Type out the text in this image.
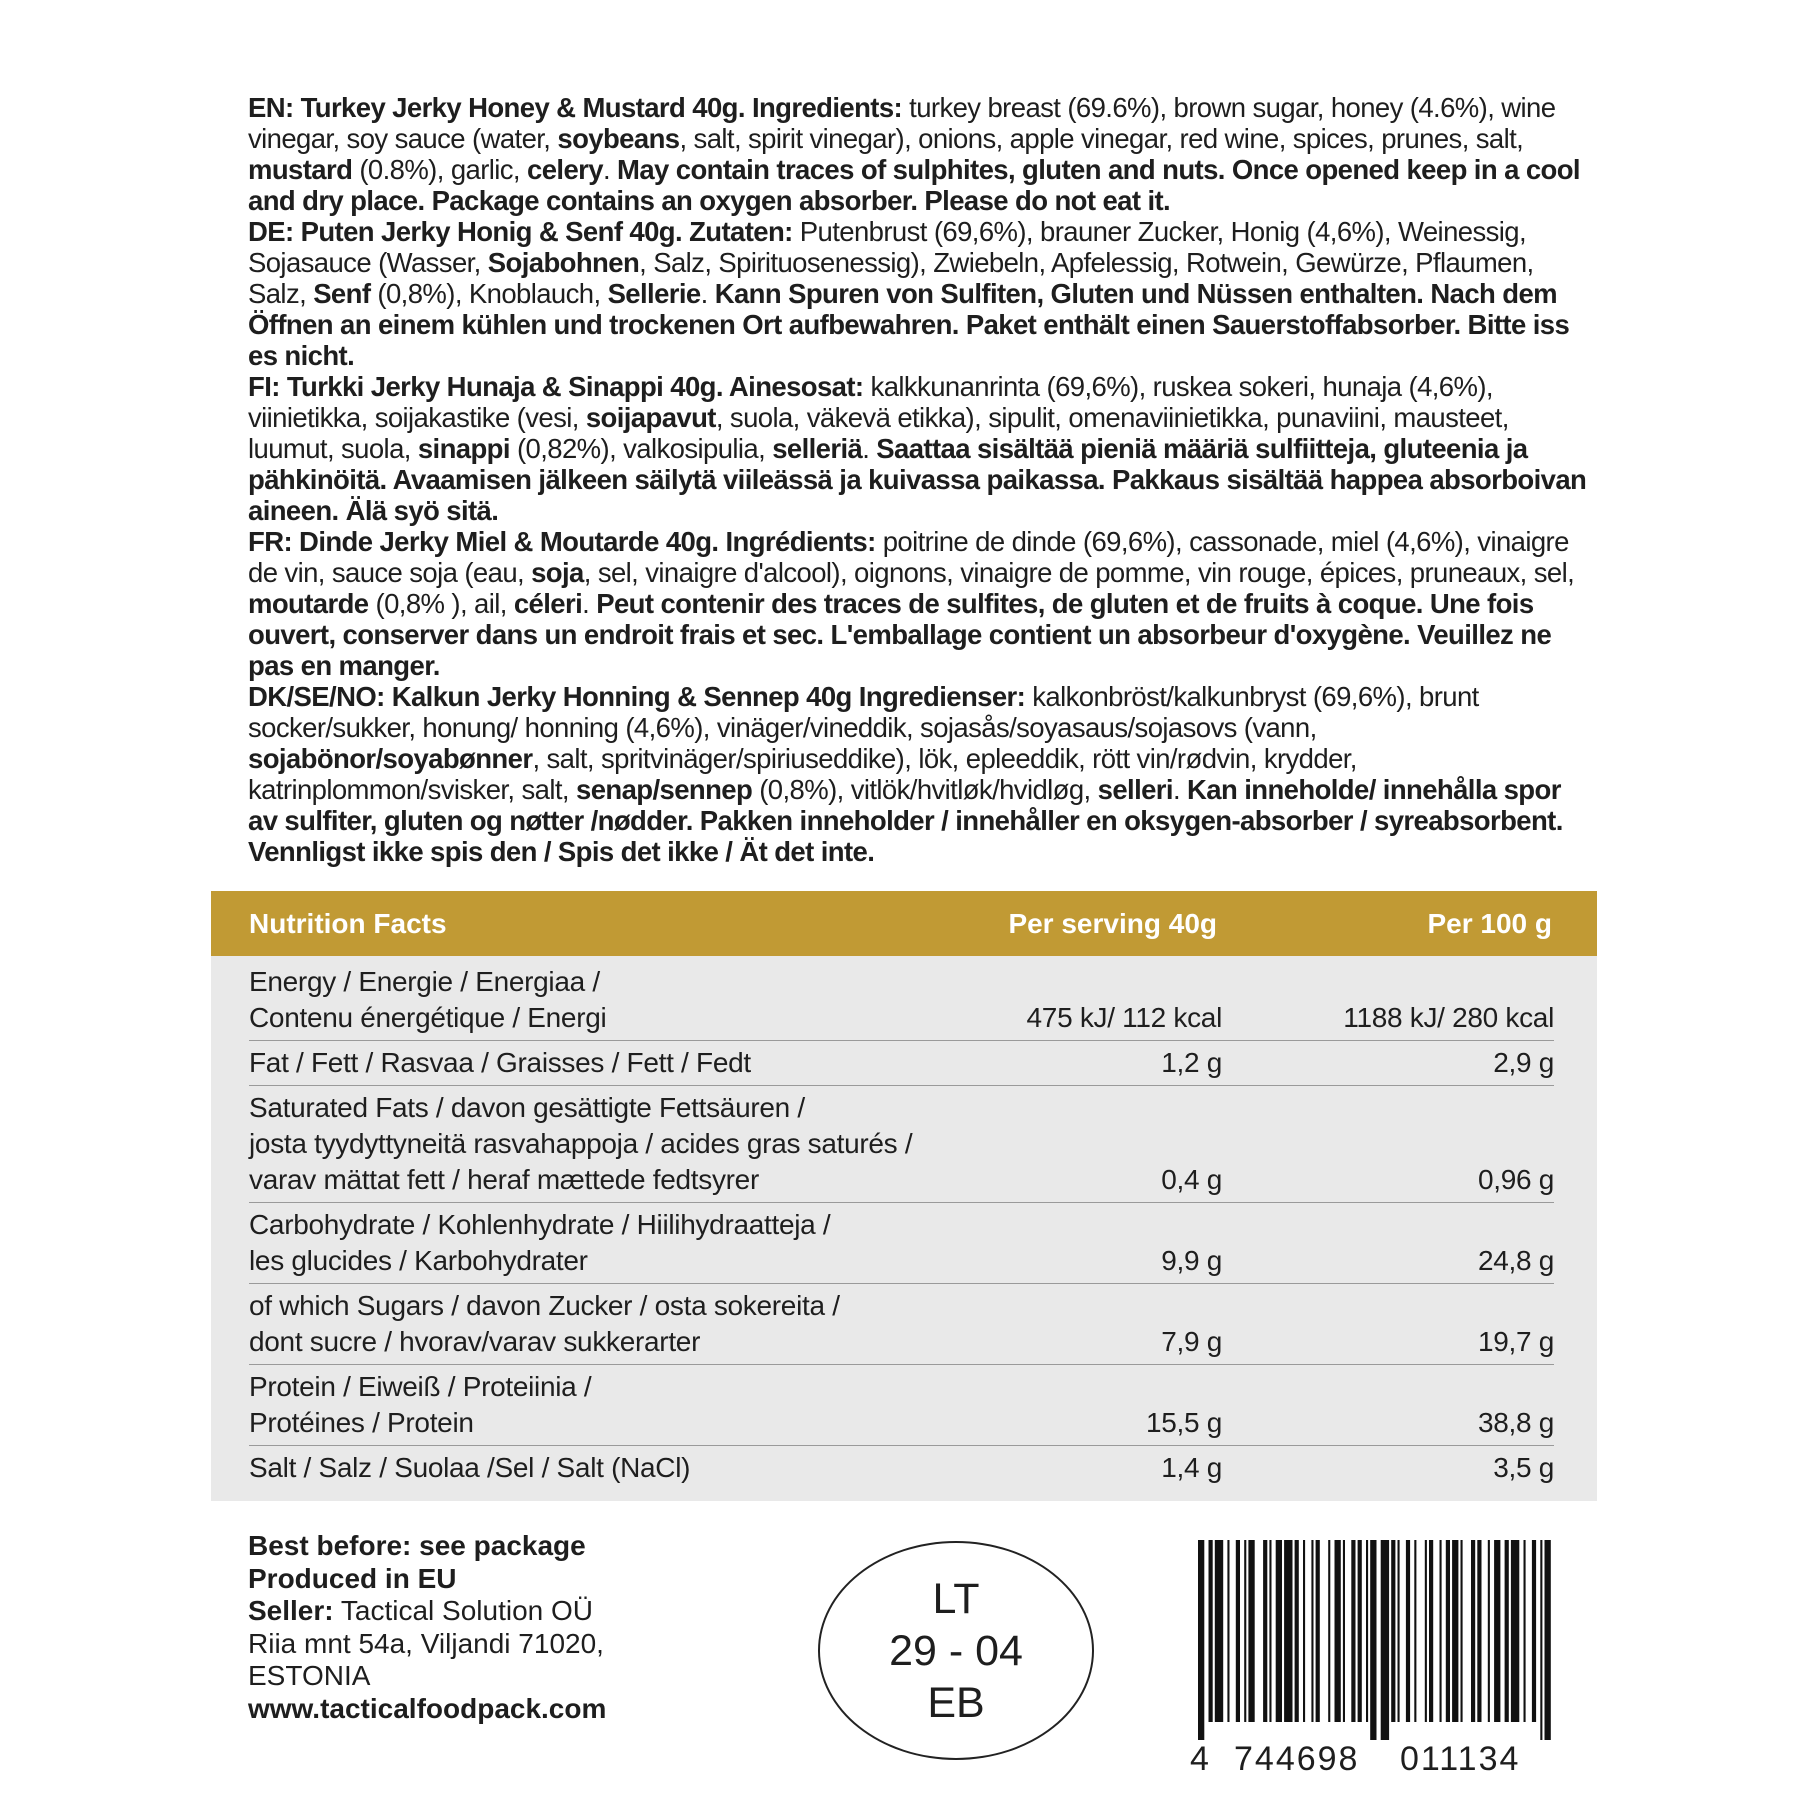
EN: Turkey Jerky Honey & Mustard 40g. Ingredients: turkey breast (69.6%), brown sugar, honey (4.6%), wine vinegar, soy sauce (water, soybeans, salt, spirit vinegar), onions, apple vinegar, red wine, spices, prunes, salt, mustard (0.8%), garlic, celery. May contain traces of sulphites, gluten and nuts. Once opened keep in a cool and dry place. Package contains an oxygen absorber. Please do not eat it.

DE: Puten Jerky Honig & Senf 40g. Zutaten: Putenbrust (69,6%), brauner Zucker, Honig (4,6%), Weinessig, Sojasauce (Wasser, Sojabohnen, Salz, Spirituosenessig), Zwiebeln, Apfelessig, Rotwein, Gewürze, Pflaumen, Salz, Senf (0,8%), Knoblauch, Sellerie. Kann Spuren von Sulfiten, Gluten und Nüssen enthalten. Nach dem Öffnen an einem kühlen und trockenen Ort aufbewahren. Paket enthält einen Sauerstoffabsorber. Bitte iss es nicht.

FI: Turkki Jerky Hunaja & Sinappi 40g. Ainesosat: kalkkunanrinta (69,6%), ruskea sokeri, hunaja (4,6%), viinietikka, soijakastike (vesi, soijapavut, suola, väkevä etikka), sipulit, omenaviinietikka, punaviini, mausteet, luumut, suola, sinappi (0,82%), valkosipulia, selleriä. Saattaa sisältää pieniä määriä sulfiitteja, gluteenia ja pähkinöitä. Avaamisen jälkeen säilytä viileässä ja kuivassa paikassa. Pakkaus sisältää happea absorboivan aineen. Älä syö sitä.

FR: Dinde Jerky Miel & Moutarde 40g. Ingrédients: poitrine de dinde (69,6%), cassonade, miel (4,6%), vinaigre de vin, sauce soja (eau, soja, sel, vinaigre d'alcool), oignons, vinaigre de pomme, vin rouge, épices, pruneaux, sel, moutarde (0,8% ), ail, céleri. Peut contenir des traces de sulfites, de gluten et de fruits à coque. Une fois ouvert, conserver dans un endroit frais et sec. L'emballage contient un absorbeur d'oxygène. Veuillez ne pas en manger.

DK/SE/NO: Kalkun Jerky Honning & Sennep 40g Ingredienser: kalkonbröst/kalkunbryst (69,6%), brunt socker/sukker, honung/ honning (4,6%), vinäger/vineddik, sojasås/soyasaus/sojasovs (vann, sojabönor/soyabønner, salt, spritvinäger/spiriuseddike), lök, epleeddik, rött vin/rødvin, krydder, katrinplommon/svisker, salt, senap/sennep (0,8%), vitlök/hvitløk/hvidløg, selleri. Kan inneholde/ innehålla spor av sulfiter, gluten og nøtter /nødder. Pakken inneholder / innehåller en oksygen-absorber / syreabsorbent. Vennligst ikke spis den / Spis det ikke / Ät det inte.

Nutrition Facts	Per serving 40g	Per 100 g
Energy / Energie / Energiaa /
Contenu énergétique / Energi	475 kJ/ 112 kcal	1188 kJ/ 280 kcal
Fat / Fett / Rasvaa / Graisses / Fett / Fedt	1,2 g	2,9 g
Saturated Fats / davon gesättigte Fettsäuren /
josta tyydyttyneitä rasvahappoja / acides gras saturés /
varav mättat fett / heraf mættede fedtsyrer	0,4 g	0,96 g
Carbohydrate / Kohlenhydrate / Hiilihydraatteja /
les glucides / Karbohydrater	9,9 g	24,8 g
of which Sugars / davon Zucker / osta sokereita /
dont sucre / hvorav/varav sukkerarter	7,9 g	19,7 g
Protein / Eiweiß / Proteiinia /
Protéines / Protein	15,5 g	38,8 g
Salt / Salz / Suolaa /Sel / Salt (NaCl)	1,4 g	3,5 g
Best before: see package
Produced in EU
Seller: Tactical Solution OÜ
Riia mnt 54a, Viljandi 71020,
ESTONIA
www.tacticalfoodpack.com
LT
29 - 04
EB
4 744698 011134
